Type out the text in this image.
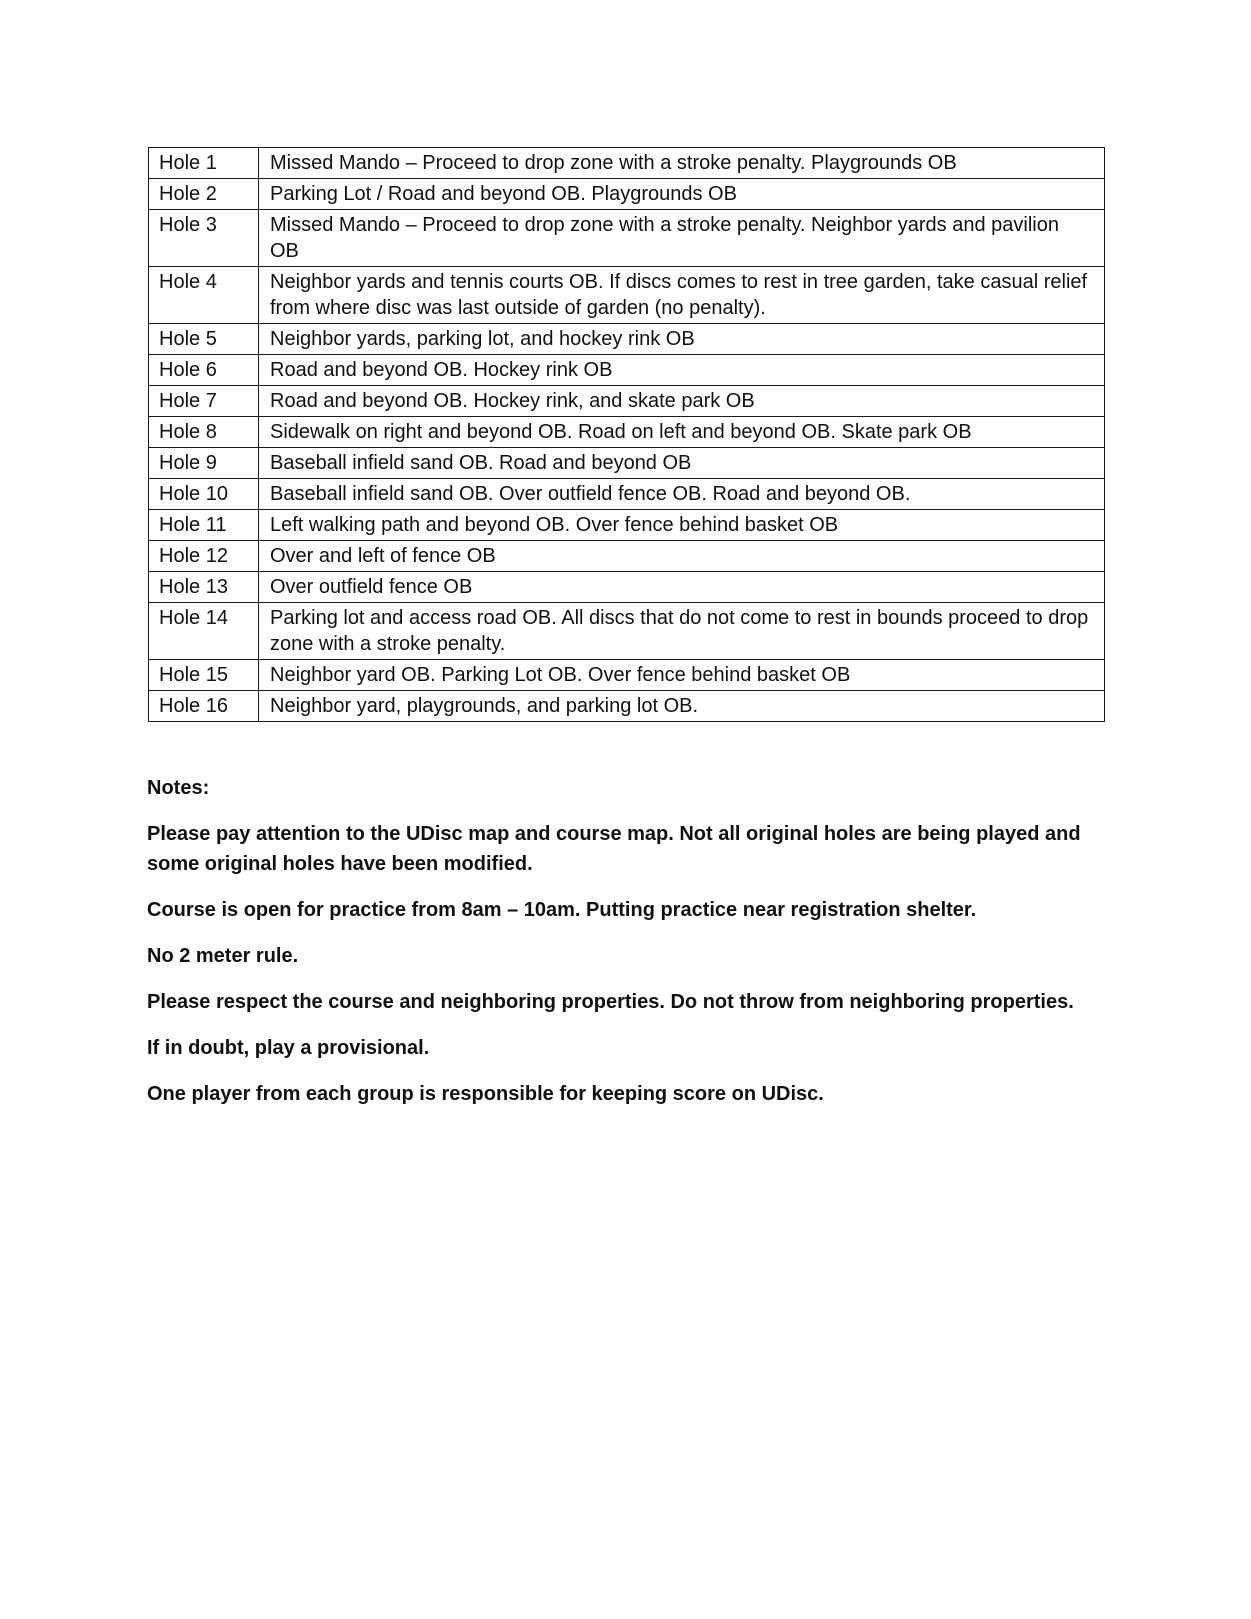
Hole 1	Missed Mando – Proceed to drop zone with a stroke penalty. Playgrounds OB
Hole 2	Parking Lot / Road and beyond OB. Playgrounds OB
Hole 3	Missed Mando – Proceed to drop zone with a stroke penalty. Neighbor yards and pavilion OB
Hole 4	Neighbor yards and tennis courts OB. If discs comes to rest in tree garden, take casual relief from where disc was last outside of garden (no penalty).
Hole 5	Neighbor yards, parking lot, and hockey rink OB
Hole 6	Road and beyond OB. Hockey rink OB
Hole 7	Road and beyond OB. Hockey rink, and skate park OB
Hole 8	Sidewalk on right and beyond OB. Road on left and beyond OB. Skate park OB
Hole 9	Baseball infield sand OB. Road and beyond OB
Hole 10	Baseball infield sand OB. Over outfield fence OB. Road and beyond OB.
Hole 11	Left walking path and beyond OB. Over fence behind basket OB
Hole 12	Over and left of fence OB
Hole 13	Over outfield fence OB
Hole 14	Parking lot and access road OB. All discs that do not come to rest in bounds proceed to drop zone with a stroke penalty.
Hole 15	Neighbor yard OB. Parking Lot OB. Over fence behind basket OB
Hole 16	Neighbor yard, playgrounds, and parking lot OB.

Notes:

Please pay attention to the UDisc map and course map. Not all original holes are being played and some original holes have been modified.

Course is open for practice from 8am – 10am. Putting practice near registration shelter.

No 2 meter rule.

Please respect the course and neighboring properties. Do not throw from neighboring properties.

If in doubt, play a provisional.

One player from each group is responsible for keeping score on UDisc.
